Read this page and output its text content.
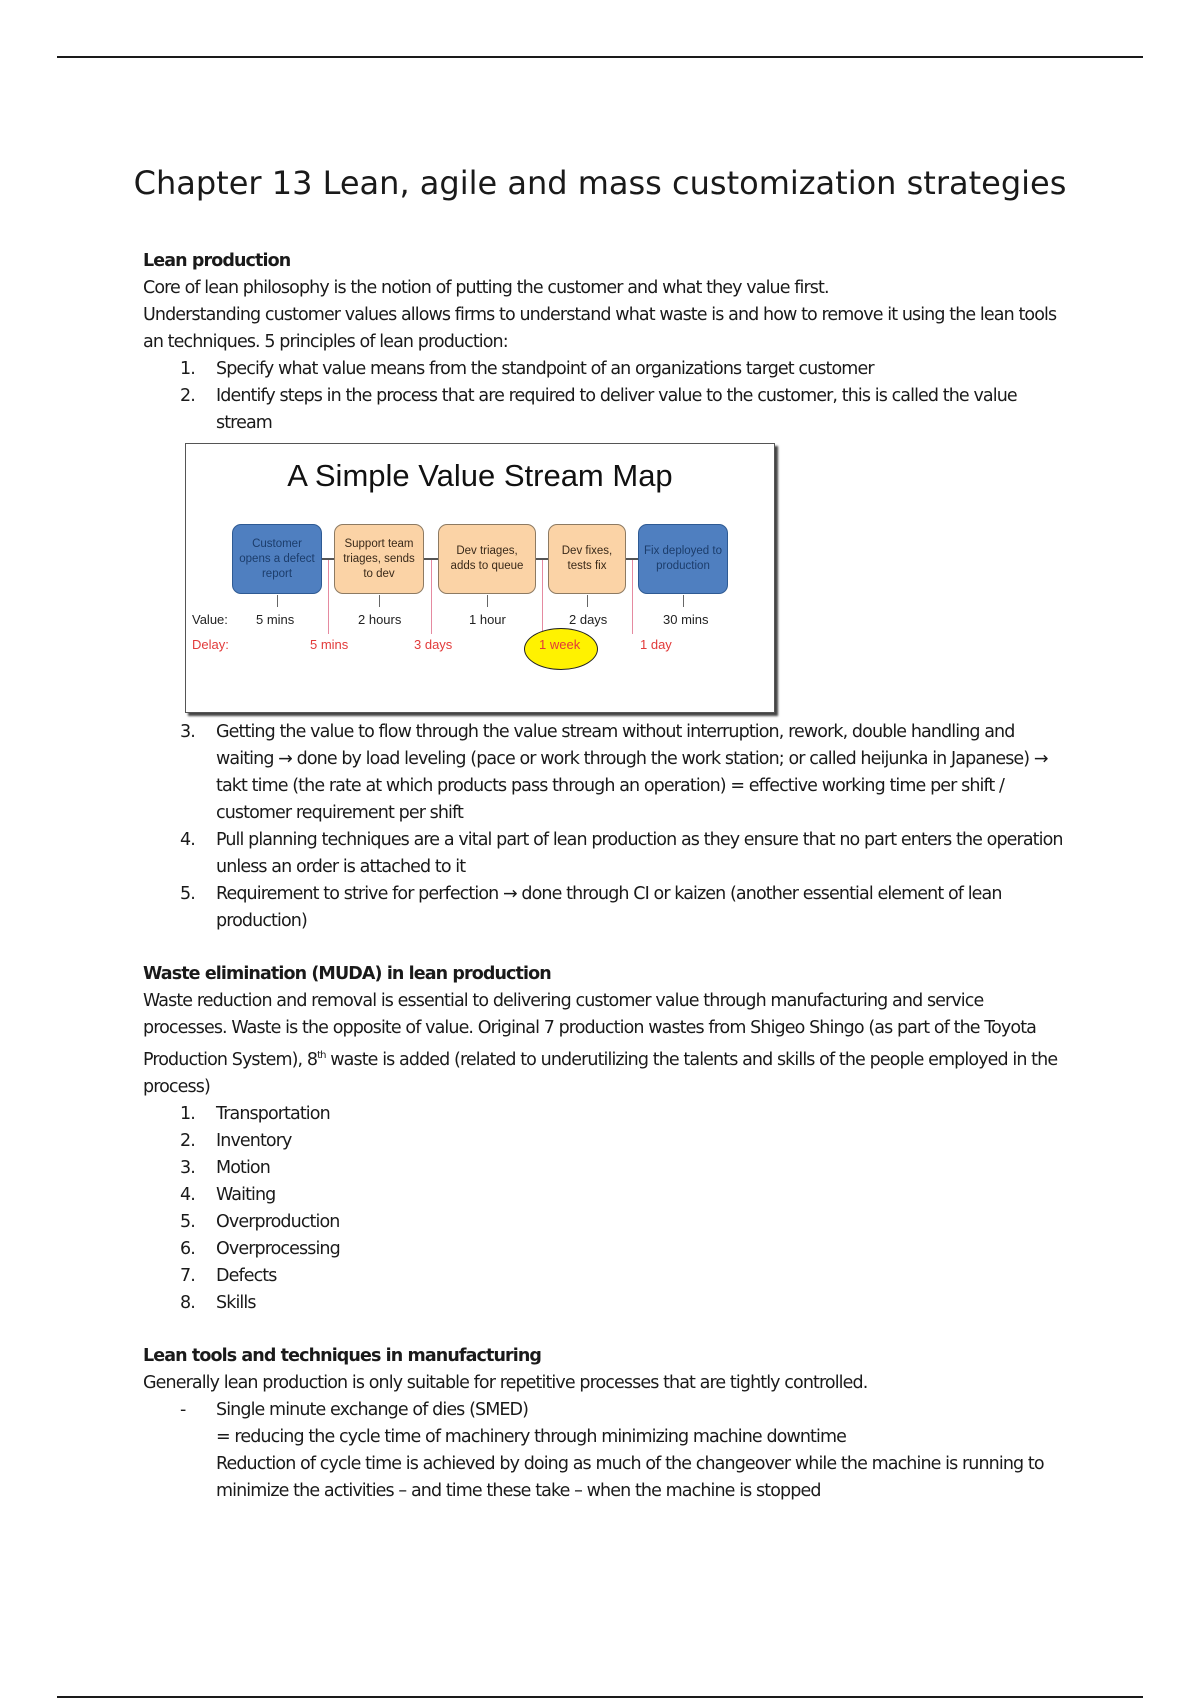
Chapter 13 Lean, agile and mass customization strategies
Lean production
Core of lean philosophy is the notion of putting the customer and what they value first.
Understanding customer values allows firms to understand what waste is and how to remove it using the lean tools an techniques. 5 principles of lean production:
1. Specify what value means from the standpoint of an organizations target customer
2. Identify steps in the process that are required to deliver value to the customer, this is called the value stream
A Simple Value Stream Map
Customer opens a defect report
Support team triages, sends to dev
Dev triages, adds to queue
Dev fixes, tests fix
Fix deployed to production
Value: 5 mins	2 hours	1 hour	2 days	30 mins
Delay:	5 mins	3 days	1 week	1 day
3. Getting the value to flow through the value stream without interruption, rework, double handling and waiting → done by load leveling (pace or work through the work station; or called heijunka in Japanese) → takt time (the rate at which products pass through an operation) = effective working time per shift / customer requirement per shift
4. Pull planning techniques are a vital part of lean production as they ensure that no part enters the operation unless an order is attached to it
5. Requirement to strive for perfection → done through CI or kaizen (another essential element of lean production)
Waste elimination (MUDA) in lean production
Waste reduction and removal is essential to delivering customer value through manufacturing and service processes. Waste is the opposite of value. Original 7 production wastes from Shigeo Shingo (as part of the Toyota Production System), 8th waste is added (related to underutilizing the talents and skills of the people employed in the process)
1. Transportation
2. Inventory
3. Motion
4. Waiting
5. Overproduction
6. Overprocessing
7. Defects
8. Skills
Lean tools and techniques in manufacturing
Generally lean production is only suitable for repetitive processes that are tightly controlled.
- Single minute exchange of dies (SMED)
= reducing the cycle time of machinery through minimizing machine downtime
Reduction of cycle time is achieved by doing as much of the changeover while the machine is running to minimize the activities – and time these take – when the machine is stopped
